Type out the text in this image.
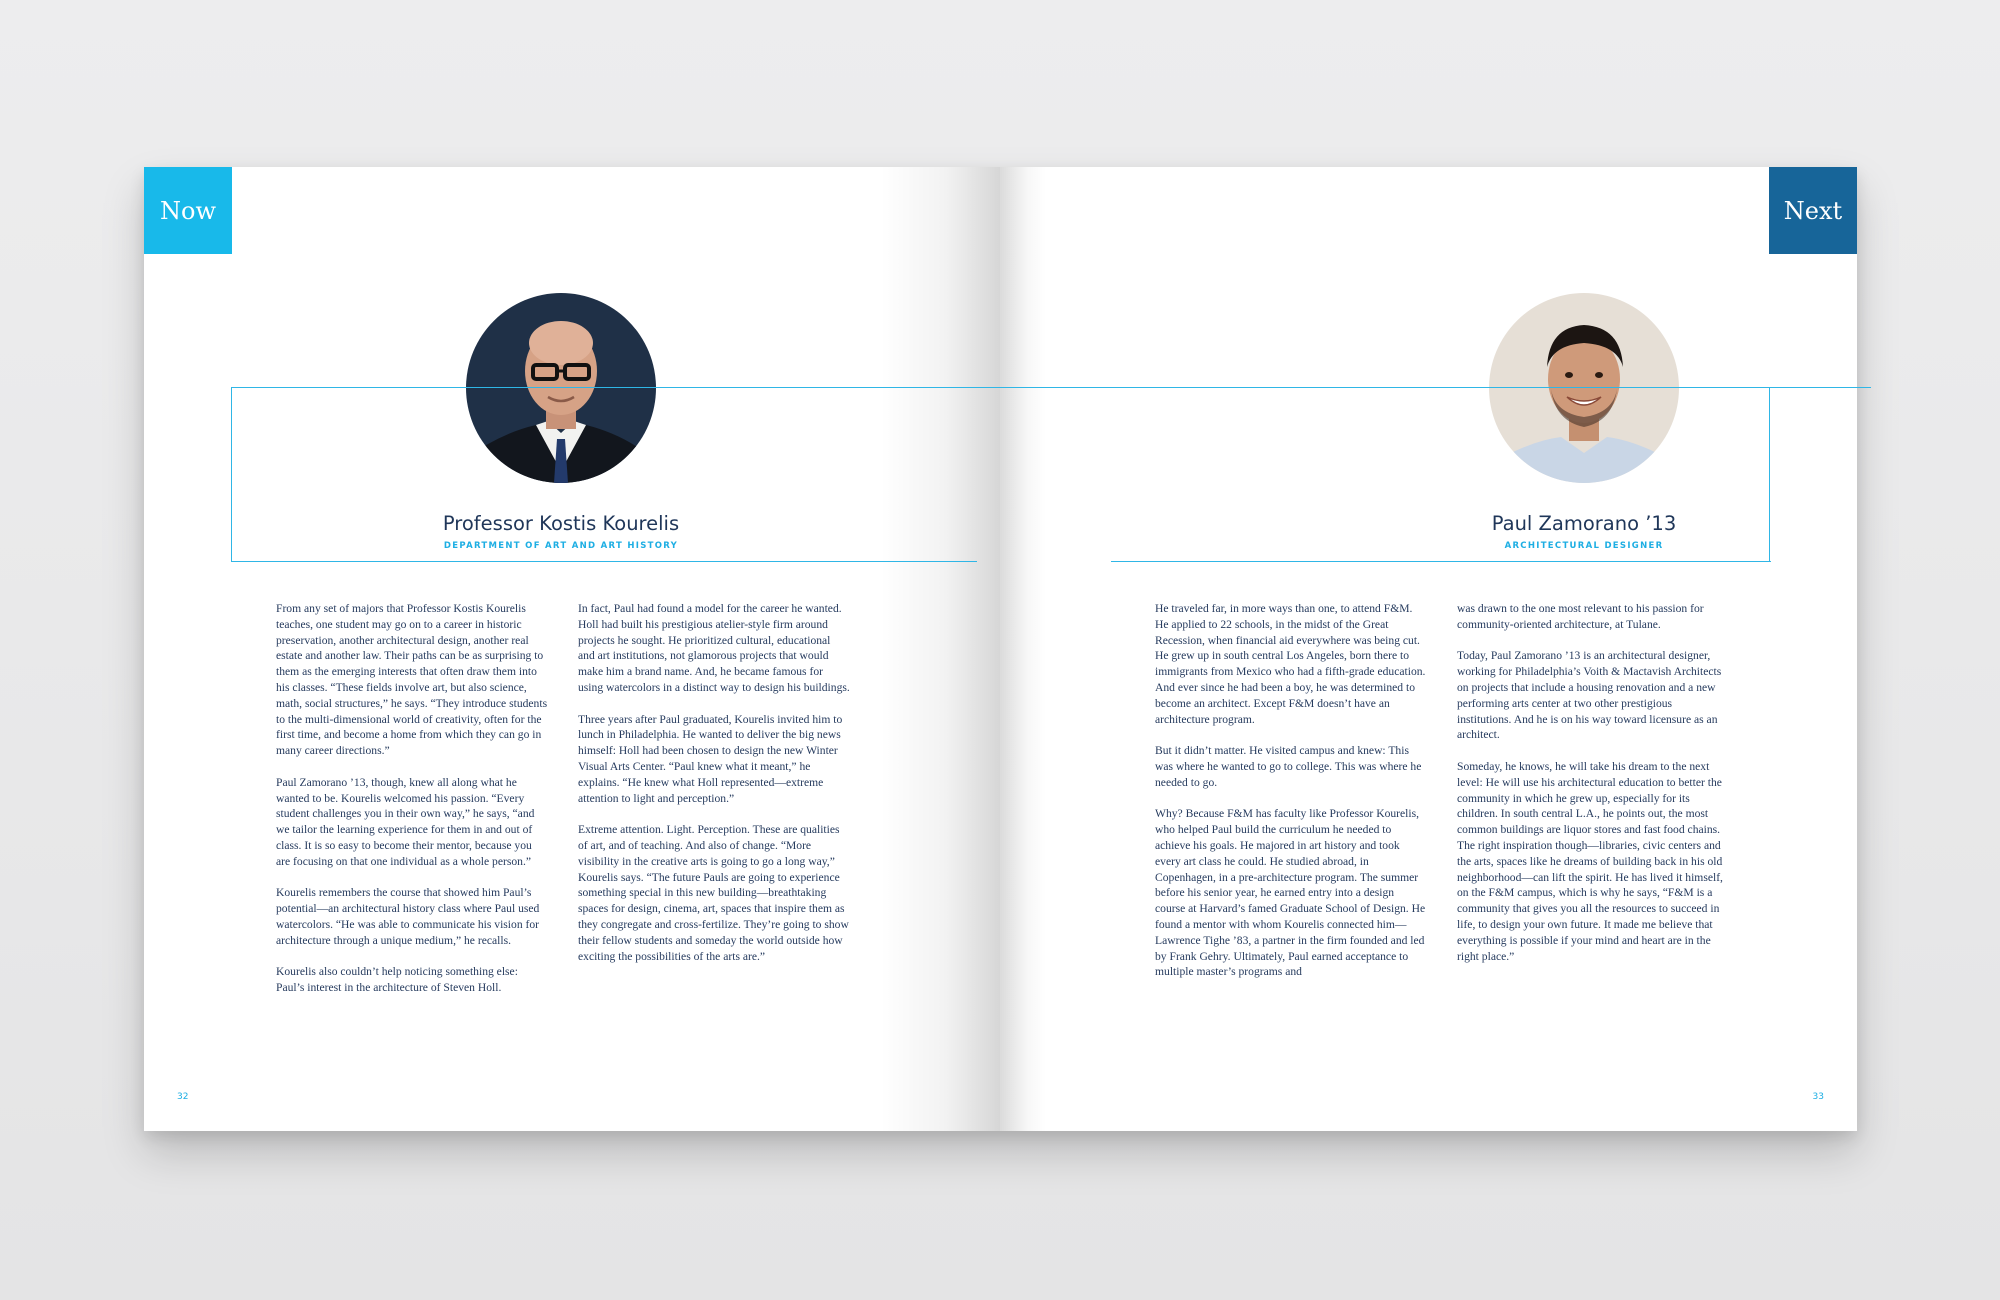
Now
Professor Kostis Kourelis
DEPARTMENT OF ART AND ART HISTORY

From any set of majors that Professor Kostis Kourelis teaches, one student may go on to a career in historic preservation, another architectural design, another real estate and another law. Their paths can be as surprising to them as the emerging interests that often draw them into his classes. “These fields involve art, but also science, math, social structures,” he says. “They introduce students to the multi-dimensional world of creativity, often for the first time, and become a home from which they can go in many career directions.”

Paul Zamorano ’13, though, knew all along what he wanted to be. Kourelis welcomed his passion. “Every student challenges you in their own way,” he says, “and we tailor the learning experience for them in and out of class. It is so easy to become their mentor, because you are focusing on that one individual as a whole person.”

Kourelis remembers the course that showed him Paul’s potential—an architectural history class where Paul used watercolors. “He was able to communicate his vision for architecture through a unique medium,” he recalls.

Kourelis also couldn’t help noticing something else: Paul’s interest in the architecture of Steven Holl.

In fact, Paul had found a model for the career he wanted. Holl had built his prestigious atelier-style firm around projects he sought. He prioritized cultural, educational and art institutions, not glamorous projects that would make him a brand name. And, he became famous for using watercolors in a distinct way to design his buildings.

Three years after Paul graduated, Kourelis invited him to lunch in Philadelphia. He wanted to deliver the big news himself: Holl had been chosen to design the new Winter Visual Arts Center. “Paul knew what it meant,” he explains. “He knew what Holl represented—extreme attention to light and perception.”

Extreme attention. Light. Perception. These are qualities of art, and of teaching. And also of change. “More visibility in the creative arts is going to go a long way,” Kourelis says. “The future Pauls are going to experience something special in this new building—breathtaking spaces for design, cinema, art, spaces that inspire them as they congregate and cross-fertilize. They’re going to show their fellow students and someday the world outside how exciting the possibilities of the arts are.”

32
Next
Paul Zamorano ’13
ARCHITECTURAL DESIGNER

He traveled far, in more ways than one, to attend F&M. He applied to 22 schools, in the midst of the Great Recession, when financial aid everywhere was being cut. He grew up in south central Los Angeles, born there to immigrants from Mexico who had a fifth-grade education. And ever since he had been a boy, he was determined to become an architect. Except F&M doesn’t have an architecture program.

But it didn’t matter. He visited campus and knew: This was where he wanted to go to college. This was where he needed to go.

Why? Because F&M has faculty like Professor Kourelis, who helped Paul build the curriculum he needed to achieve his goals. He majored in art history and took every art class he could. He studied abroad, in Copenhagen, in a pre-architecture program. The summer before his senior year, he earned entry into a design course at Harvard’s famed Graduate School of Design. He found a mentor with whom Kourelis connected him—Lawrence Tighe ’83, a partner in the firm founded and led by Frank Gehry. Ultimately, Paul earned acceptance to multiple master’s programs and

was drawn to the one most relevant to his passion for community-oriented architecture, at Tulane.

Today, Paul Zamorano ’13 is an architectural designer, working for Philadelphia’s Voith & Mactavish Architects on projects that include a housing renovation and a new performing arts center at two other prestigious institutions. And he is on his way toward licensure as an architect.

Someday, he knows, he will take his dream to the next level: He will use his architectural education to better the community in which he grew up, especially for its children. In south central L.A., he points out, the most common buildings are liquor stores and fast food chains. The right inspiration though—libraries, civic centers and the arts, spaces like he dreams of building back in his old neighborhood—can lift the spirit. He has lived it himself, on the F&M campus, which is why he says, “F&M is a community that gives you all the resources to succeed in life, to design your own future. It made me believe that everything is possible if your mind and heart are in the right place.”

33
